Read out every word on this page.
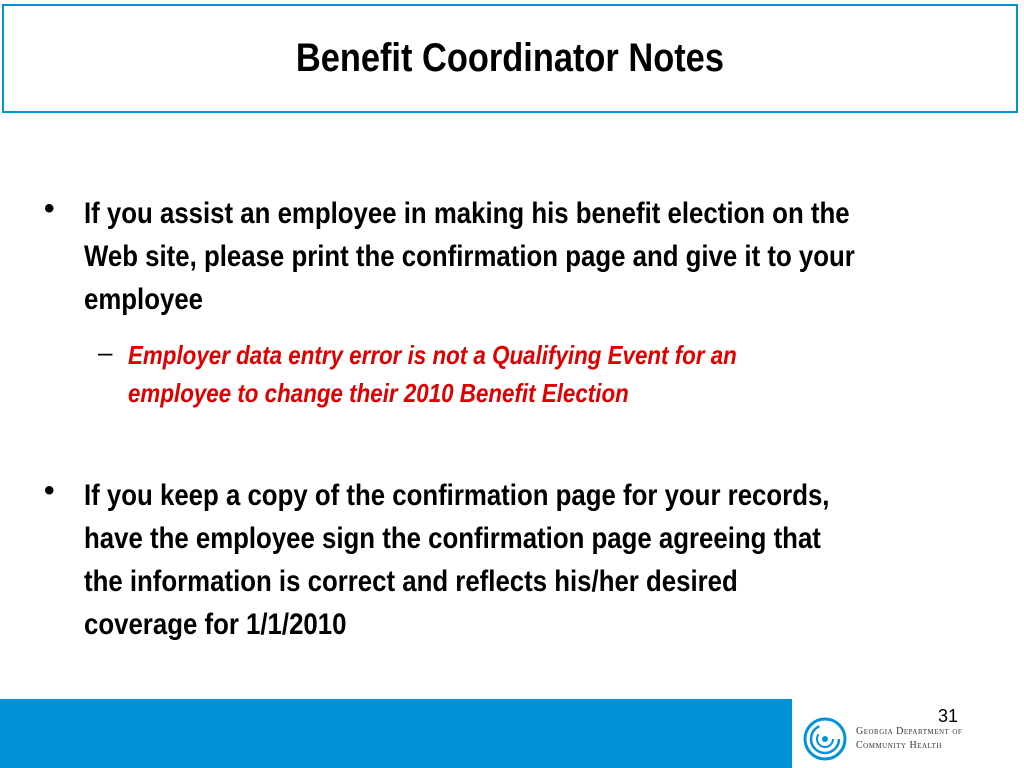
Benefit Coordinator Notes
• If you assist an employee in making his benefit election on the
Web site, please print the confirmation page and give it to your
employee
– Employer data entry error is not a Qualifying Event for an
employee to change their 2010 Benefit Election
• If you keep a copy of the confirmation page for your records,
have the employee sign the confirmation page agreeing that
the information is correct and reflects his/her desired
coverage for 1/1/2010
31
Georgia Department of
Community Health
